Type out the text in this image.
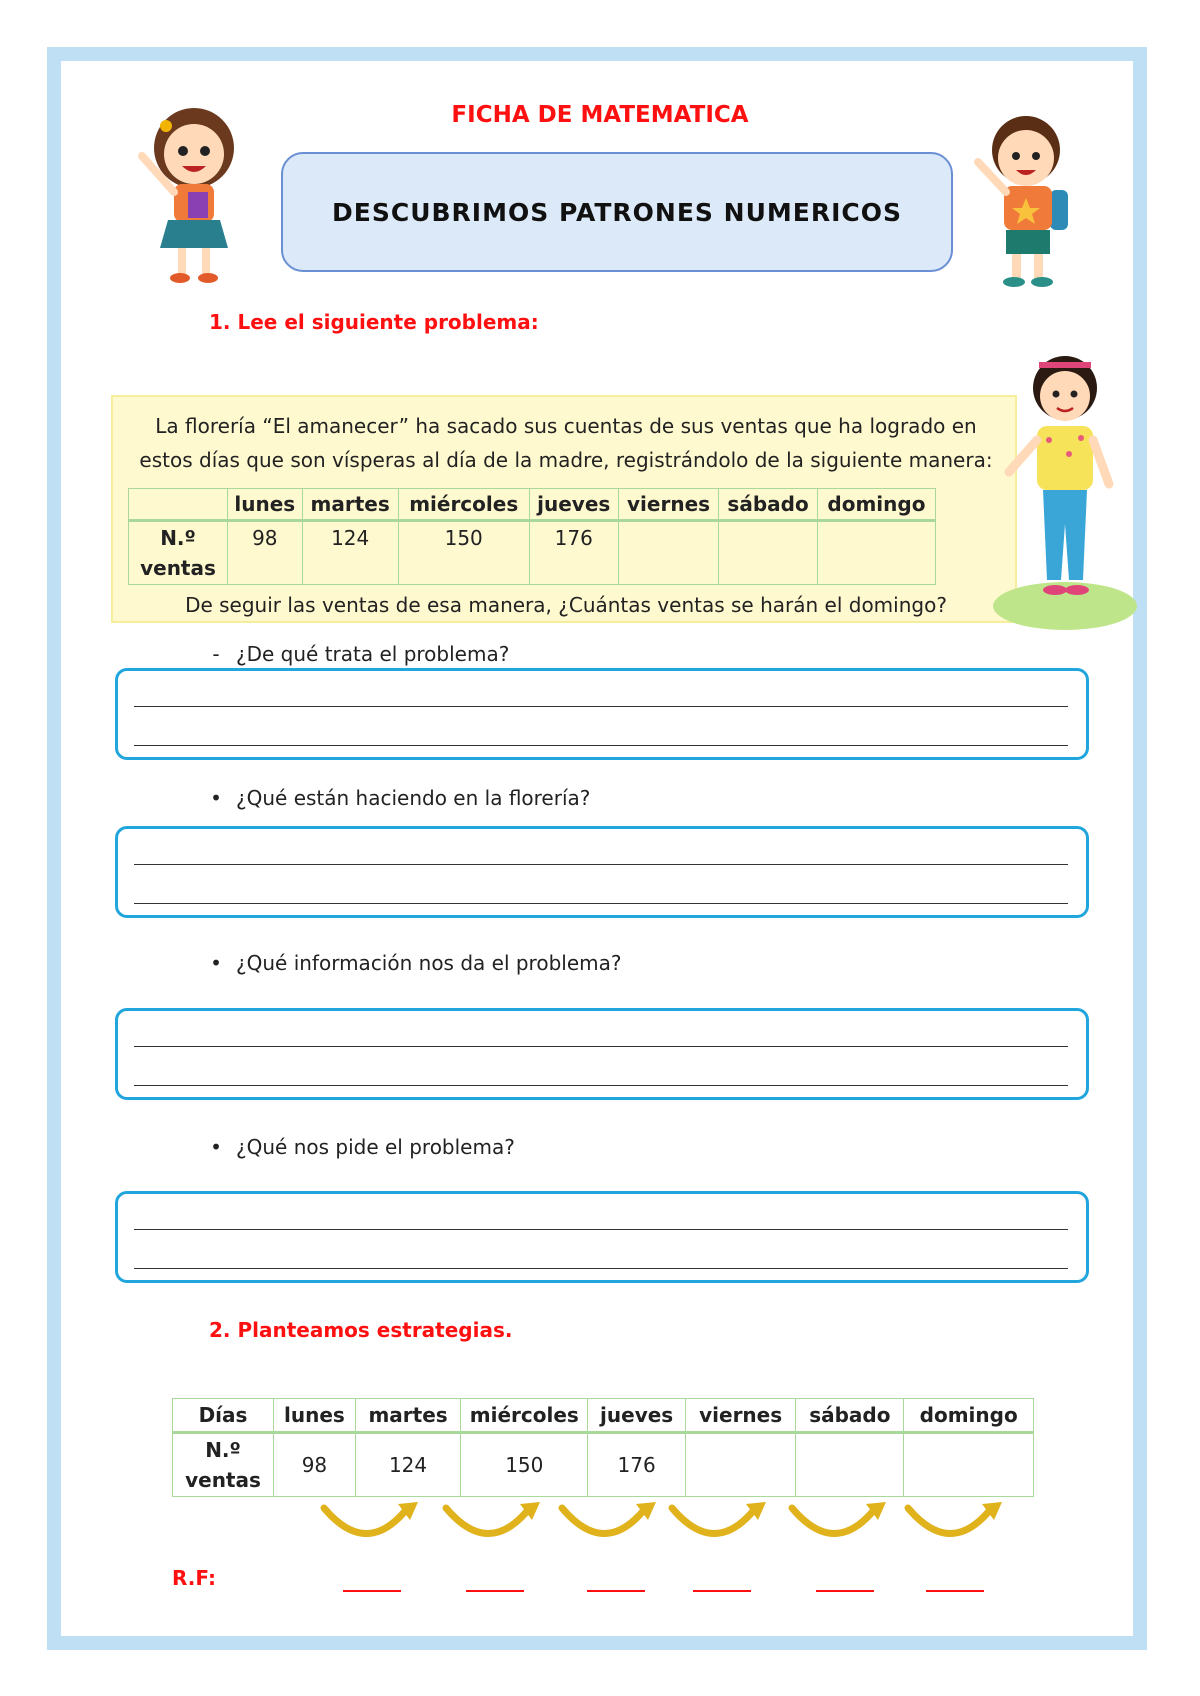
FICHA DE MATEMATICA
DESCUBRIMOS PATRONES NUMERICOS
1. Lee el siguiente problema:
La florería “El amanecer” ha sacado sus cuentas de sus ventas que ha logrado en
estos días que son vísperas al día de la madre, registrándolo de la siguiente manera:
	lunes	martes	miércoles	jueves	viernes	sábado	domingo

N.º
ventas	98	124	150	176			
De seguir las ventas de esa manera, ¿Cuántas ventas se harán el domingo?
- ¿De qué trata el problema?
• ¿Qué están haciendo en la florería?
• ¿Qué información nos da el problema?
• ¿Qué nos pide el problema?
2. Planteamos estrategias.
Días	lunes	martes	miércoles	jueves	viernes	sábado	domingo

N.º
ventas	98	124	150	176			
R.F:
